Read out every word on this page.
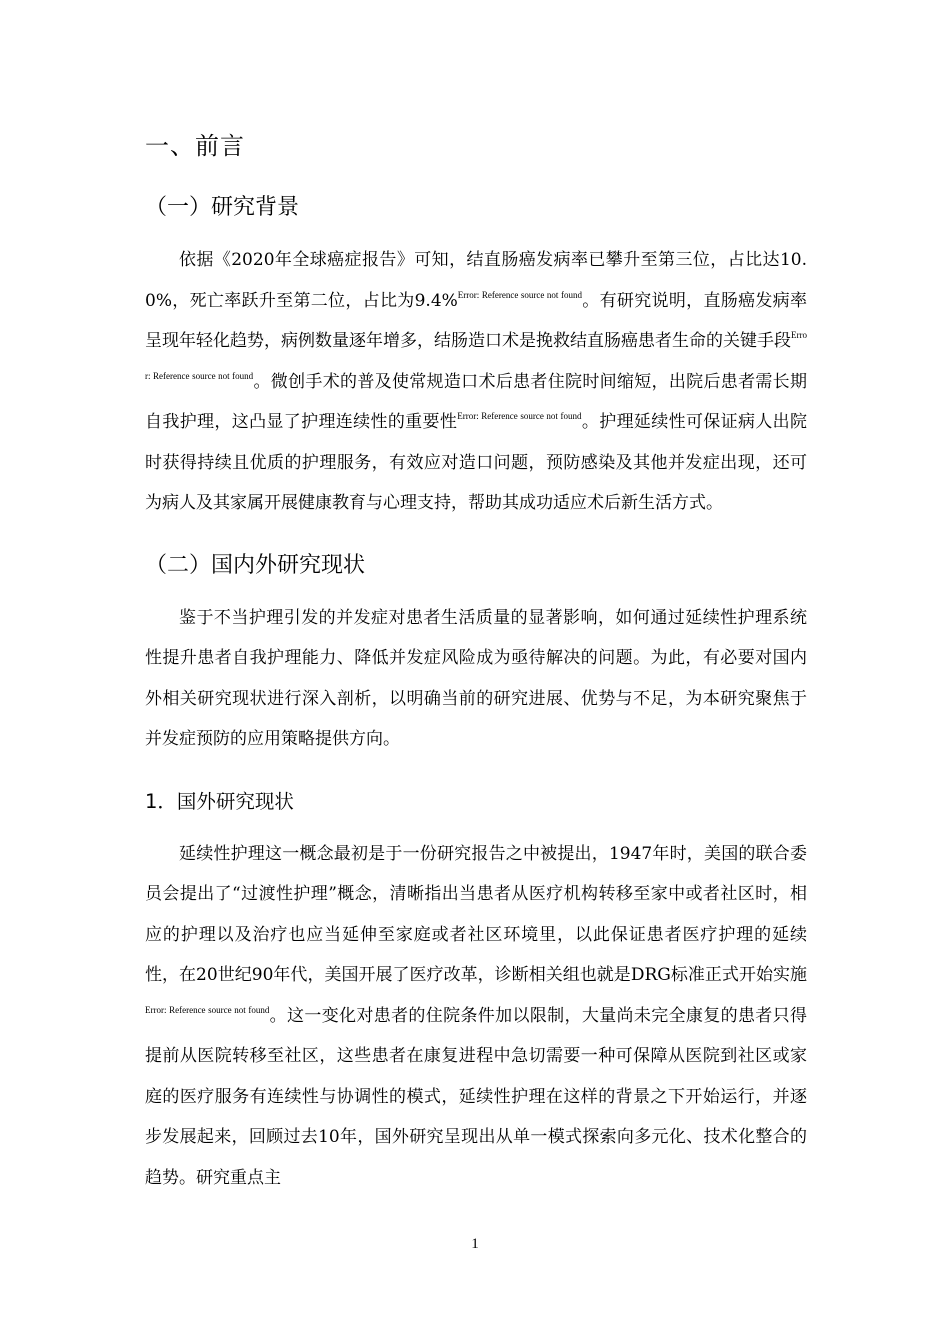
一、前言
（一）研究背景

依据《2020年全球癌症报告》可知，结直肠癌发病率已攀升至第三位，占比达10.0%，死亡率跃升至第二位，占比为9.4%$^{Error: Reference source not found}$。有研究说明，直肠癌发病率呈现年轻化趋势，病例数量逐年增多，结肠造口术是挽救结直肠癌患者生命的关键手段$^{Error: Reference source not found}$。微创手术的普及使常规造口术后患者住院时间缩短，出院后患者需长期自我护理，这凸显了护理连续性的重要性$^{Error: Reference source not found}$。护理延续性可保证病人出院时获得持续且优质的护理服务，有效应对造口问题，预防感染及其他并发症出现，还可为病人及其家属开展健康教育与心理支持，帮助其成功适应术后新生活方式。

（二）国内外研究现状

鉴于不当护理引发的并发症对患者生活质量的显著影响，如何通过延续性护理系统性提升患者自我护理能力、降低并发症风险成为亟待解决的问题。为此，有必要对国内外相关研究现状进行深入剖析，以明确当前的研究进展、优势与不足，为本研究聚焦于并发症预防的应用策略提供方向。

1．国外研究现状

延续性护理这一概念最初是于一份研究报告之中被提出，1947年时，美国的联合委员会提出了“过渡性护理”概念，清晰指出当患者从医疗机构转移至家中或者社区时，相应的护理以及治疗也应当延伸至家庭或者社区环境里，以此保证患者医疗护理的延续性，在20世纪90年代，美国开展了医疗改革，诊断相关组也就是DRG标准正式开始实施$^{Error: Reference source not found}$。这一变化对患者的住院条件加以限制，大量尚未完全康复的患者只得提前从医院转移至社区，这些患者在康复进程中急切需要一种可保障从医院到社区或家庭的医疗服务有连续性与协调性的模式，延续性护理在这样的背景之下开始运行，并逐步发展起来，回顾过去10年，国外研究呈现出从单一模式探索向多元化、技术化整合的趋势。研究重点主

1
